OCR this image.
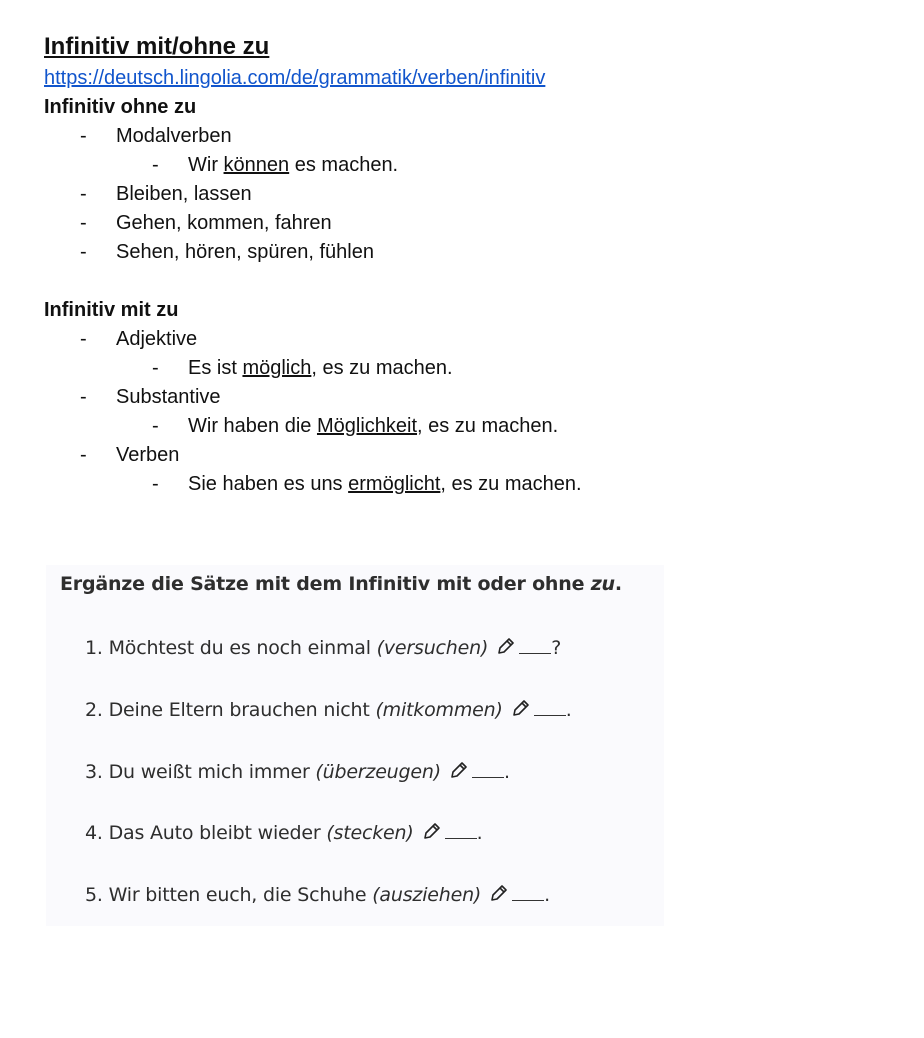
Infinitiv mit/ohne zu
https://deutsch.lingolia.com/de/grammatik/verben/infinitiv
Infinitiv ohne zu
- Modalverben
- Wir können es machen.
- Bleiben, lassen
- Gehen, kommen, fahren
- Sehen, hören, spüren, fühlen
Infinitiv mit zu
- Adjektive
- Es ist möglich, es zu machen.
- Substantive
- Wir haben die Möglichkeit, es zu machen.
- Verben
- Sie haben es uns ermöglicht, es zu machen.
Ergänze die Sätze mit dem Infinitiv mit oder ohne zu.
1. Möchtest du es noch einmal (versuchen)	?
2. Deine Eltern brauchen nicht (mitkommen)	.
3. Du weißt mich immer (überzeugen)	.
4. Das Auto bleibt wieder (stecken)	.
5. Wir bitten euch, die Schuhe (ausziehen)	.
